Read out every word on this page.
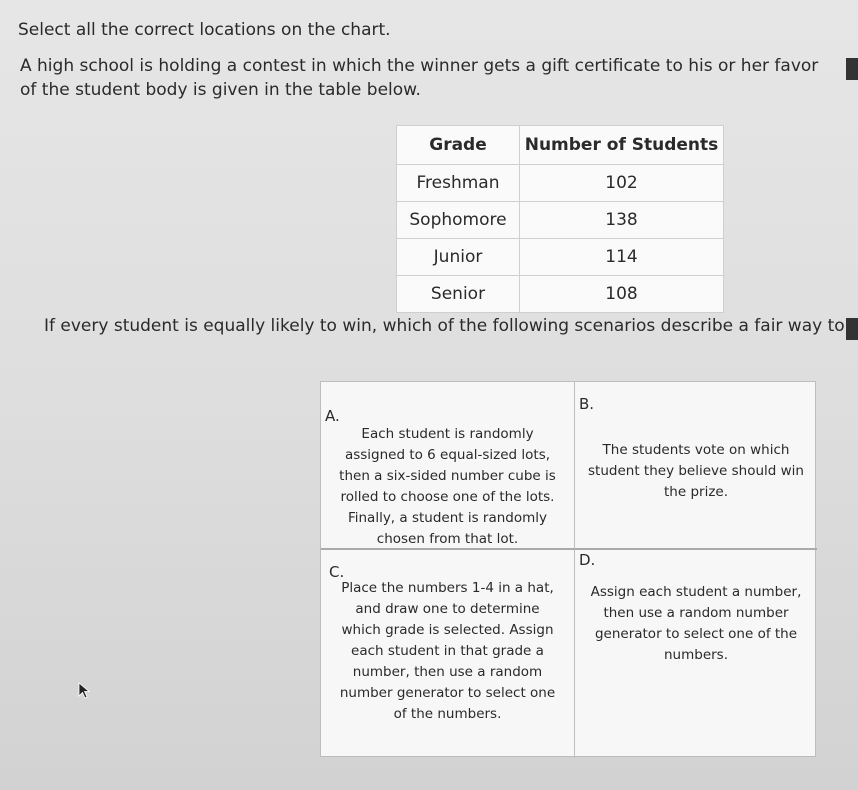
Select all the correct locations on the chart.
A high school is holding a contest in which the winner gets a gift certificate to his or her favor
of the student body is given in the table below.
Grade	Number of Students
Freshman	102
Sophomore	138
Junior	114
Senior	108
If every student is equally likely to win, which of the following scenarios describe a fair way to
A.
Each student is randomly
assigned to 6 equal-sized lots,
then a six-sided number cube is
rolled to choose one of the lots.
Finally, a student is randomly
chosen from that lot.
B.
The students vote on which
student they believe should win
the prize.
C.
Place the numbers 1-4 in a hat,
and draw one to determine
which grade is selected. Assign
each student in that grade a
number, then use a random
number generator to select one
of the numbers.
D.
Assign each student a number,
then use a random number
generator to select one of the
numbers.
